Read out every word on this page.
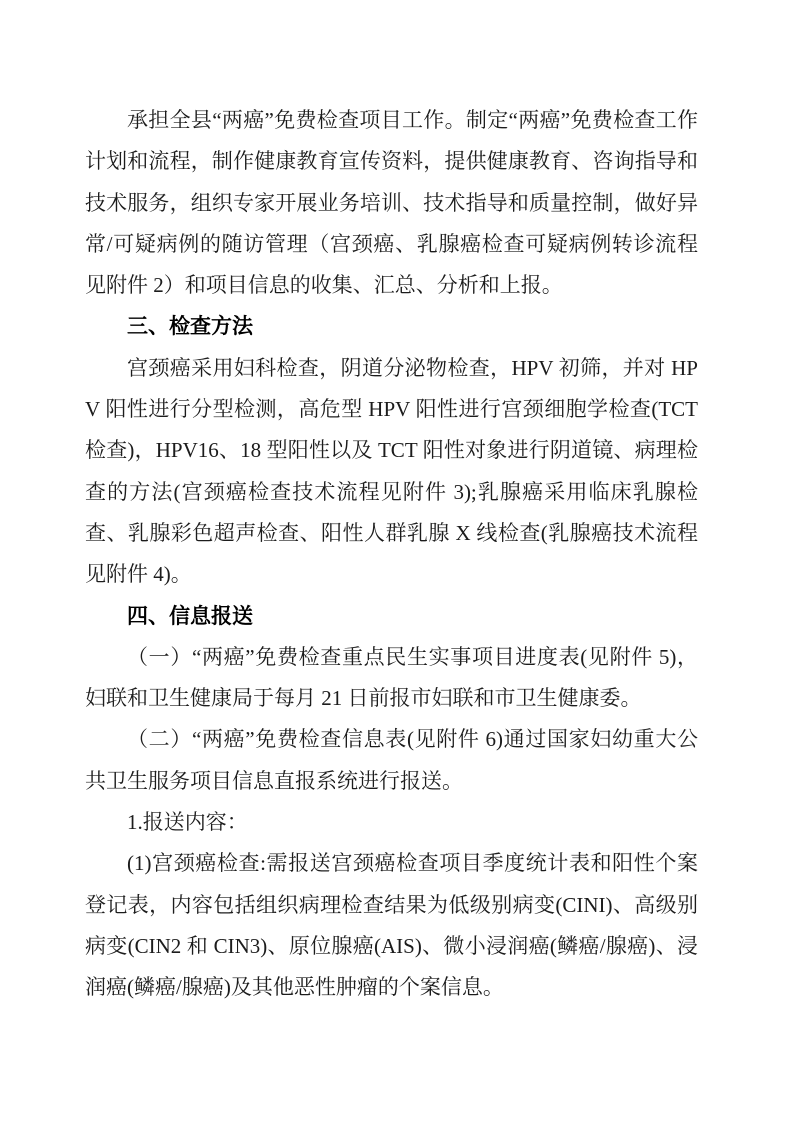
承担全县“两癌”免费检查项目工作。制定“两癌”免费检查工作计划和流程，制作健康教育宣传资料，提供健康教育、咨询指导和技术服务，组织专家开展业务培训、技术指导和质量控制，做好异常/可疑病例的随访管理（宫颈癌、乳腺癌检查可疑病例转诊流程见附件 2）和项目信息的收集、汇总、分析和上报。

三、检查方法

宫颈癌采用妇科检查，阴道分泌物检查，HPV 初筛，并对 HPV 阳性进行分型检测，高危型 HPV 阳性进行宫颈细胞学检查(TCT 检查)，HPV16、18 型阳性以及 TCT 阳性对象进行阴道镜、病理检查的方法(宫颈癌检查技术流程见附件 3);乳腺癌采用临床乳腺检查、乳腺彩色超声检查、阳性人群乳腺 X 线检查(乳腺癌技术流程见附件 4)。

四、信息报送

（一）“两癌”免费检查重点民生实事项目进度表(见附件 5)，妇联和卫生健康局于每月 21 日前报市妇联和市卫生健康委。

（二）“两癌”免费检查信息表(见附件 6)通过国家妇幼重大公共卫生服务项目信息直报系统进行报送。

1.报送内容：

(1)宫颈癌检查:需报送宫颈癌检查项目季度统计表和阳性个案登记表，内容包括组织病理检查结果为低级别病变(CINI)、高级别病变(CIN2 和 CIN3)、原位腺癌(AIS)、微小浸润癌(鳞癌/腺癌)、浸润癌(鳞癌/腺癌)及其他恶性肿瘤的个案信息。
